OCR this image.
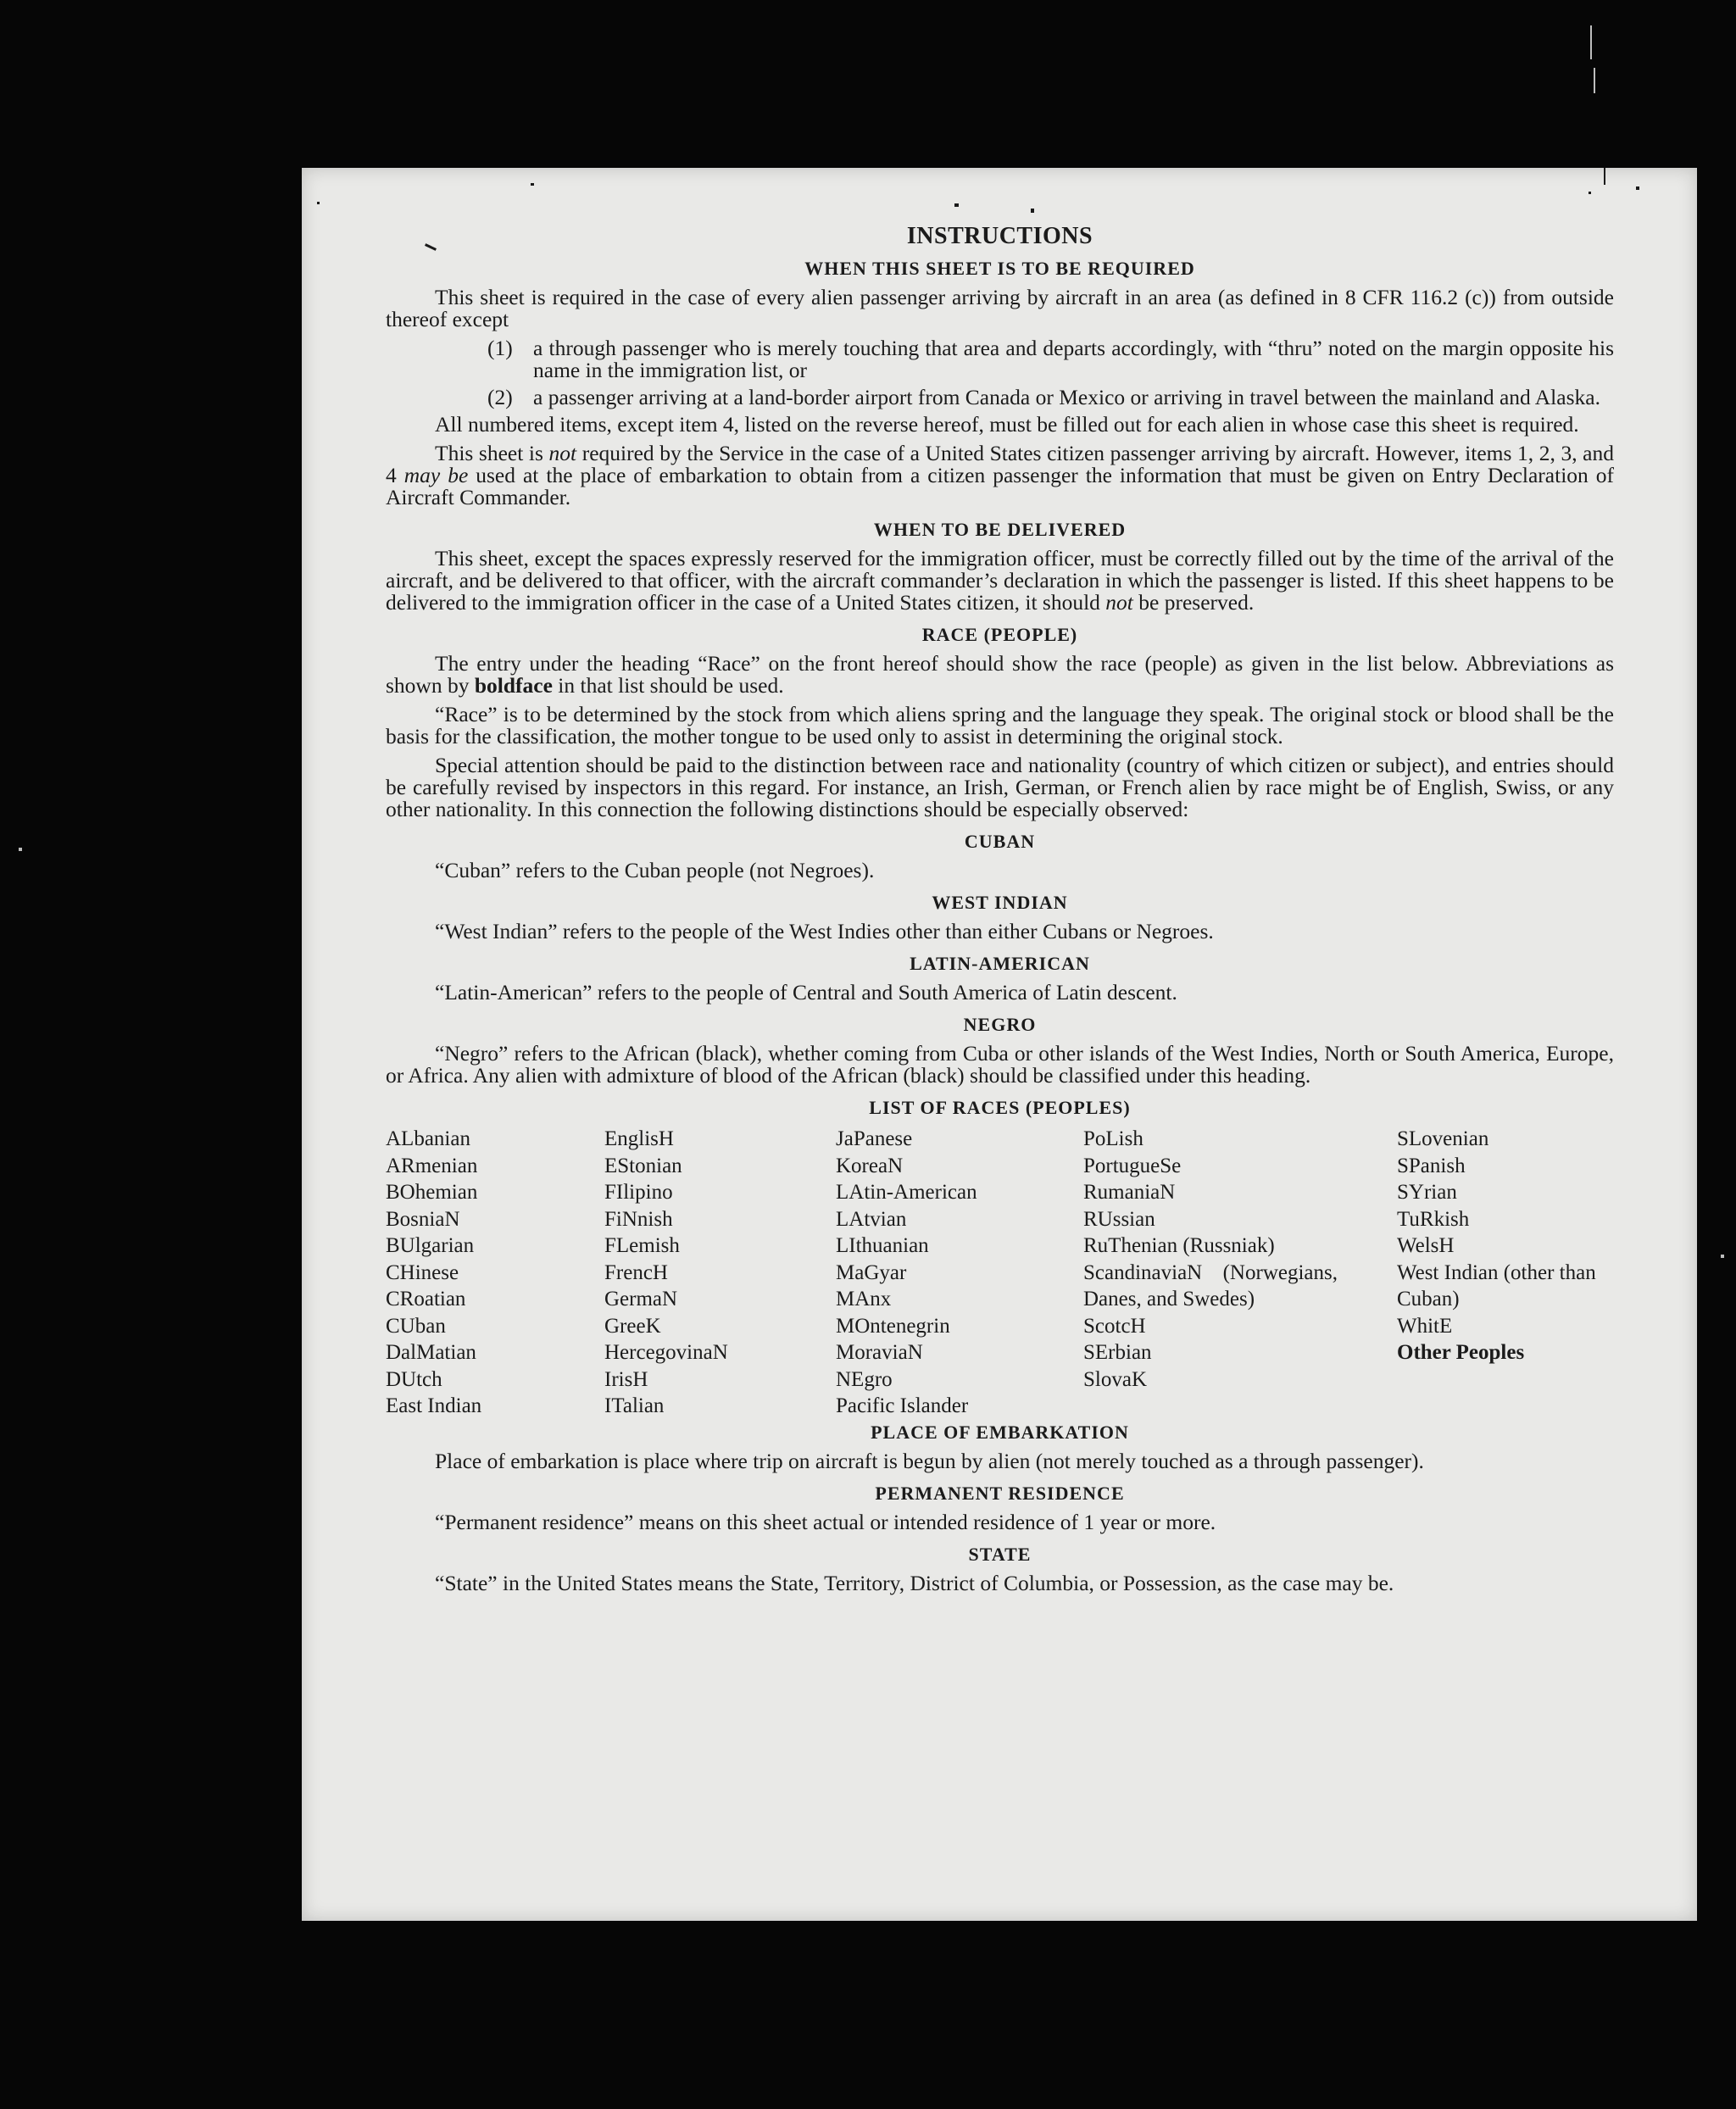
INSTRUCTIONS
WHEN THIS SHEET IS TO BE REQUIRED

This sheet is required in the case of every alien passenger arriving by aircraft in an area (as defined in 8 CFR 116.2 (c)) from outside thereof except

(1) a through passenger who is merely touching that area and departs accordingly, with “thru” noted on the margin opposite his name in the immigration list, or
(2) a passenger arriving at a land-border airport from Canada or Mexico or arriving in travel between the mainland and Alaska.

All numbered items, except item 4, listed on the reverse hereof, must be filled out for each alien in whose case this sheet is required.

This sheet is not required by the Service in the case of a United States citizen passenger arriving by aircraft. However, items 1, 2, 3, and 4 may be used at the place of embarkation to obtain from a citizen passenger the information that must be given on Entry Declaration of Aircraft Commander.

WHEN TO BE DELIVERED

This sheet, except the spaces expressly reserved for the immigration officer, must be correctly filled out by the time of the arrival of the aircraft, and be delivered to that officer, with the aircraft commander’s declaration in which the passenger is listed. If this sheet happens to be delivered to the immigration officer in the case of a United States citizen, it should not be preserved.

RACE (PEOPLE)

The entry under the heading “Race” on the front hereof should show the race (people) as given in the list below. Abbreviations as shown by boldface in that list should be used.

“Race” is to be determined by the stock from which aliens spring and the language they speak. The original stock or blood shall be the basis for the classification, the mother tongue to be used only to assist in determining the original stock.

Special attention should be paid to the distinction between race and nationality (country of which citizen or subject), and entries should be carefully revised by inspectors in this regard. For instance, an Irish, German, or French alien by race might be of English, Swiss, or any other nationality. In this connection the following distinctions should be especially observed:

CUBAN
“Cuban” refers to the Cuban people (not Negroes).
WEST INDIAN
“West Indian” refers to the people of the West Indies other than either Cubans or Negroes.
LATIN-AMERICAN
“Latin-American” refers to the people of Central and South America of Latin descent.
NEGRO

“Negro” refers to the African (black), whether coming from Cuba or other islands of the West Indies, North or South America, Europe, or Africa. Any alien with admixture of blood of the African (black) should be classified under this heading.

LIST OF RACES (PEOPLES)
ALbanian
ARmenian
BOhemian
BosniaN
BUlgarian
CHinese
CRoatian
CUban
DalMatian
DUtch
East Indian
EnglisH
EStonian
FIlipino
FiNnish
FLemish
FrencH
GermaN
GreeK
HercegovinaN
IrisH
ITalian
JaPanese
KoreaN
LAtin-American
LAtvian
LIthuanian
MaGyar
MAnx
MOntenegrin
MoraviaN
NEgro
Pacific Islander
PoLish
PortugueSe
RumaniaN
RUssian
RuThenian (Russniak)
ScandinaviaN (Norwegians, Danes, and Swedes)
ScotcH
SErbian
SlovaK
SLovenian
SPanish
SYrian
TuRkish
WelsH
West Indian (other than Cuban)
WhitE
Other Peoples
PLACE OF EMBARKATION

Place of embarkation is place where trip on aircraft is begun by alien (not merely touched as a through passenger).

PERMANENT RESIDENCE

“Permanent residence” means on this sheet actual or intended residence of 1 year or more.

STATE

“State” in the United States means the State, Territory, District of Columbia, or Possession, as the case may be.
